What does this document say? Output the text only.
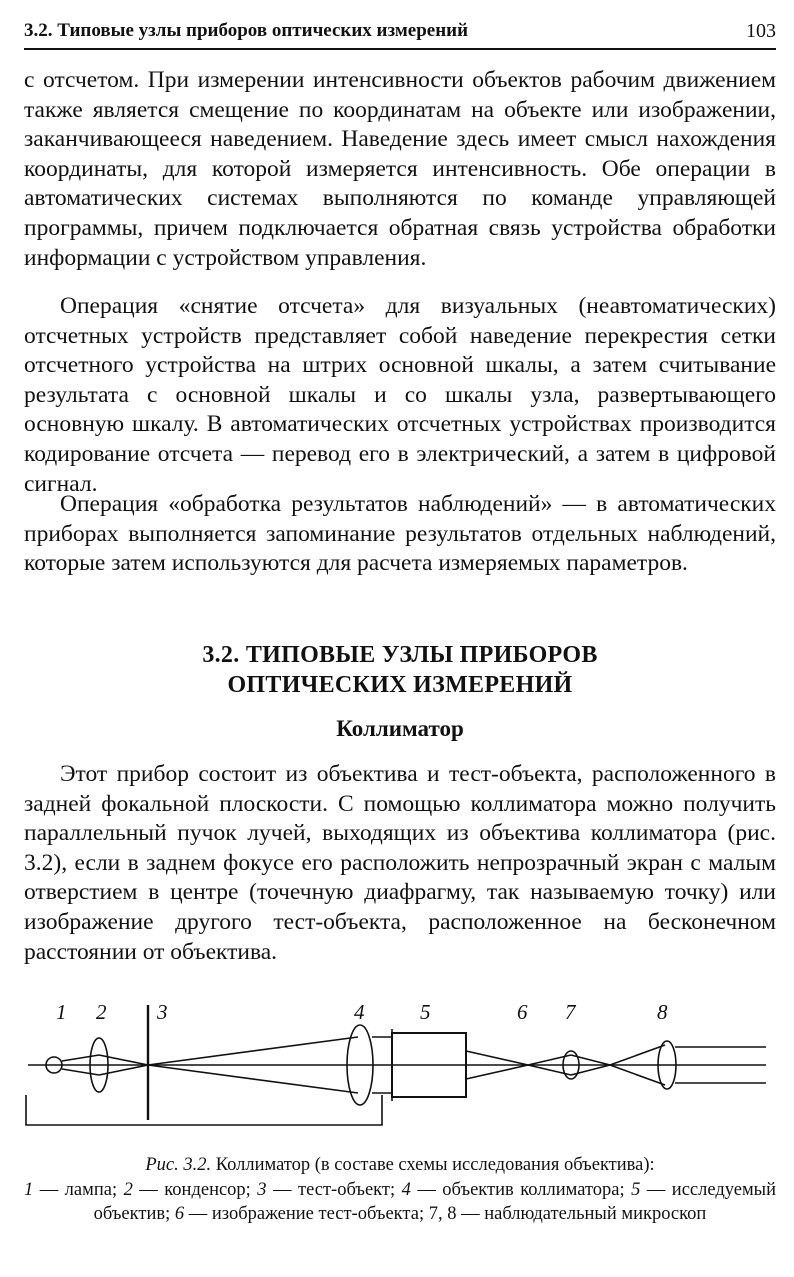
3.2. Типовые узлы приборов оптических измерений	103

с отсчетом. При измерении интенсивности объектов рабочим движением также является смещение по координатам на объекте или изображении, заканчивающееся наведением. Наведение здесь имеет смысл нахождения координаты, для которой измеряется интенсивность. Обе операции в автоматических системах выполняются по команде управляющей программы, причем подключается обратная связь устройства обработки информации с устройством управления.

Операция «снятие отсчета» для визуальных (неавтоматических) отсчетных устройств представляет собой наведение перекрестия сетки отсчетного устройства на штрих основной шкалы, а затем считывание результата с основной шкалы и со шкалы узла, развертывающего основную шкалу. В автоматических отсчетных устройствах производится кодирование отсчета — перевод его в электрический, а затем в цифровой сигнал.

Операция «обработка результатов наблюдений» — в автоматических приборах выполняется запоминание результатов отдельных наблюдений, которые затем используются для расчета измеряемых параметров.

3.2. ТИПОВЫЕ УЗЛЫ ПРИБОРОВ
ОПТИЧЕСКИХ ИЗМЕРЕНИЙ
Коллиматор

Этот прибор состоит из объектива и тест-объекта, расположенного в задней фокальной плоскости. С помощью коллиматора можно получить параллельный пучок лучей, выходящих из объектива коллиматора (рис. 3.2), если в заднем фокусе его расположить непрозрачный экран с малым отверстием в центре (точечную диафрагму, так называемую точку) или изображение другого тест-объекта, расположенное на бесконечном расстоянии от объектива.

1 2 3	4	5	6 7	8
Рис. 3.2. Коллиматор (в составе схемы исследования объектива):
1 — лампа; 2 — конденсор; 3 — тест-объект; 4 — объектив коллиматора; 5 — исследуемый объектив; 6 — изображение тест-объекта; 7, 8 — наблюдательный микроскоп
